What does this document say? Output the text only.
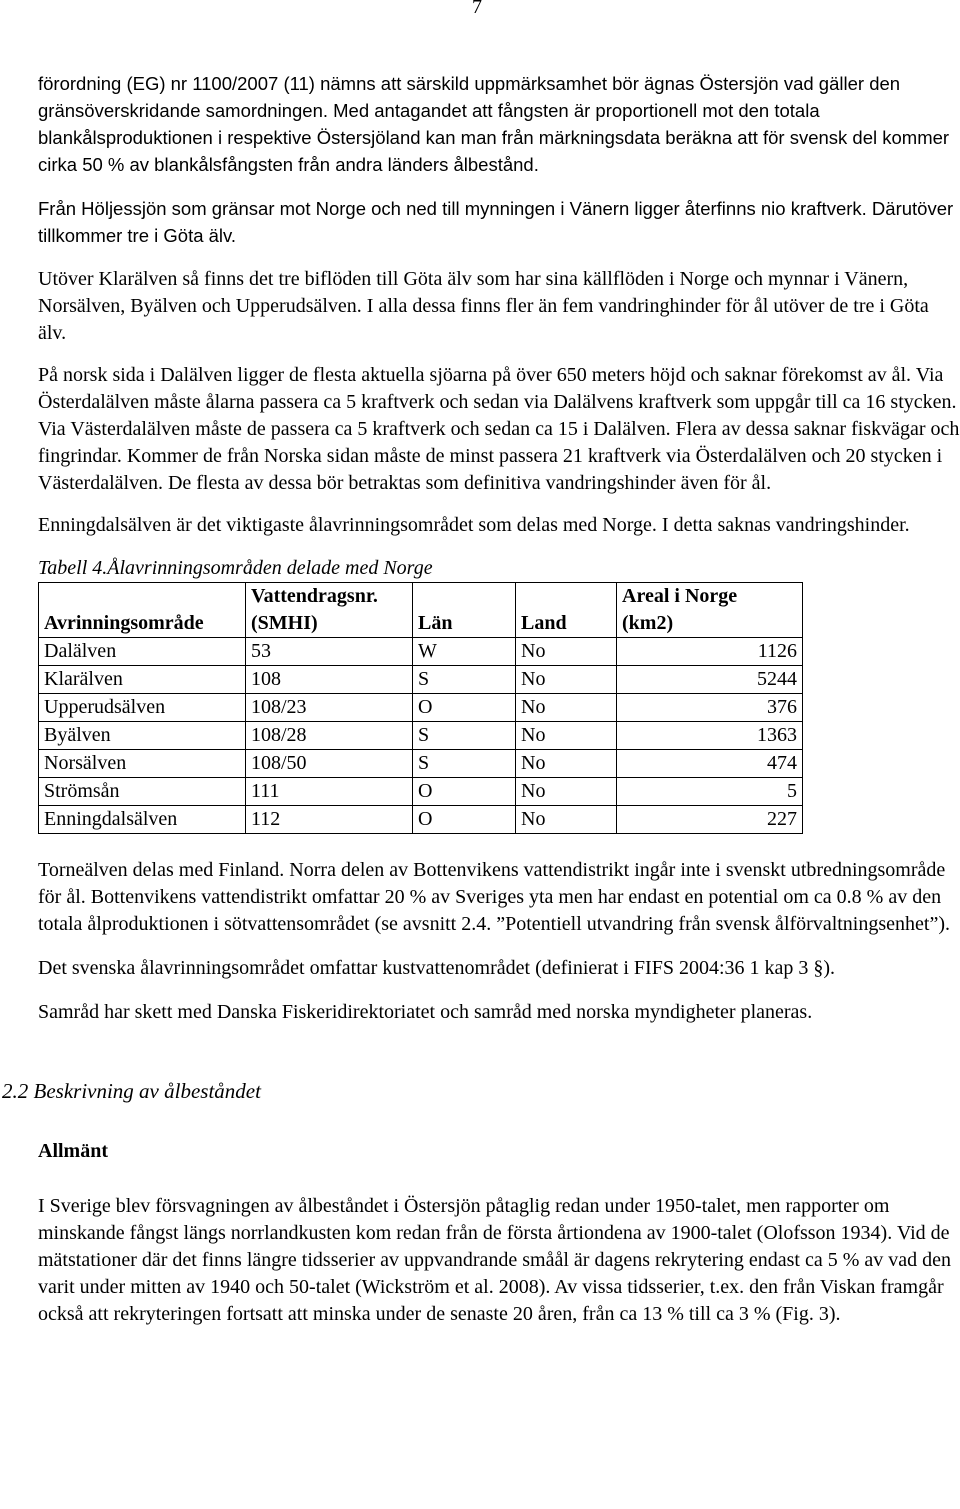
7

förordning (EG) nr 1100/2007 (11) nämns att särskild uppmärksamhet bör ägnas Östersjön vad gäller den gränsöverskridande samordningen. Med antagandet att fångsten är proportionell mot den totala blankålsproduktionen i respektive Östersjöland kan man från märkningsdata beräkna att för svensk del kommer cirka 50 % av blankålsfångsten från andra länders ålbestånd.

Från Höljessjön som gränsar mot Norge och ned till mynningen i Vänern ligger återfinns nio kraftverk. Därutöver tillkommer tre i Göta älv.

Utöver Klarälven så finns det tre biflöden till Göta älv som har sina källflöden i Norge och mynnar i Vänern, Norsälven, Byälven och Upperudsälven. I alla dessa finns fler än fem vandringhinder för ål utöver de tre i Göta älv.

På norsk sida i Dalälven ligger de flesta aktuella sjöarna på över 650 meters höjd och saknar förekomst av ål. Via Österdalälven måste ålarna passera ca 5 kraftverk och sedan via Dalälvens kraftverk som uppgår till ca 16 stycken. Via Västerdalälven måste de passera ca 5 kraftverk och sedan ca 15 i Dalälven. Flera av dessa saknar fiskvägar och fingrindar. Kommer de från Norska sidan måste de minst passera 21 kraftverk via Österdalälven och 20 stycken i Västerdalälven. De flesta av dessa bör betraktas som definitiva vandringshinder även för ål.

Enningdalsälven är det viktigaste ålavrinningsområdet som delas med Norge. I detta saknas vandringshinder.

Tabell 4.Ålavrinningsområden delade med Norge
Avrinningsområde	Vattendragsnr.
(SMHI)	Län	Land	Areal i Norge
(km2)
Dalälven	53	W	No	1126
Klarälven	108	S	No	5244
Upperudsälven	108/23	O	No	376
Byälven	108/28	S	No	1363
Norsälven	108/50	S	No	474
Strömsån	111	O	No	5
Enningdalsälven	112	O	No	227

Torneälven delas med Finland. Norra delen av Bottenvikens vattendistrikt ingår inte i svenskt utbredningsområde för ål. Bottenvikens vattendistrikt omfattar 20 % av Sveriges yta men har endast en potential om ca 0.8 % av den totala ålproduktionen i sötvattensområdet (se avsnitt 2.4. ”Potentiell utvandring från svensk ålförvaltningsenhet”).

Det svenska ålavrinningsområdet omfattar kustvattenområdet (definierat i FIFS 2004:36 1 kap 3 §).

Samråd har skett med Danska Fiskeridirektoriatet och samråd med norska myndigheter planeras.

2.2 Beskrivning av ålbeståndet
Allmänt

I Sverige blev försvagningen av ålbeståndet i Östersjön påtaglig redan under 1950-talet, men rapporter om minskande fångst längs norrlandkusten kom redan från de första årtiondena av 1900-talet (Olofsson 1934). Vid de mätstationer där det finns längre tidsserier av uppvandrande småål är dagens rekrytering endast ca 5 % av vad den varit under mitten av 1940 och 50-talet (Wickström et al. 2008). Av vissa tidsserier, t.ex. den från Viskan framgår också att rekryteringen fortsatt att minska under de senaste 20 åren, från ca 13 % till ca 3 % (Fig. 3).
